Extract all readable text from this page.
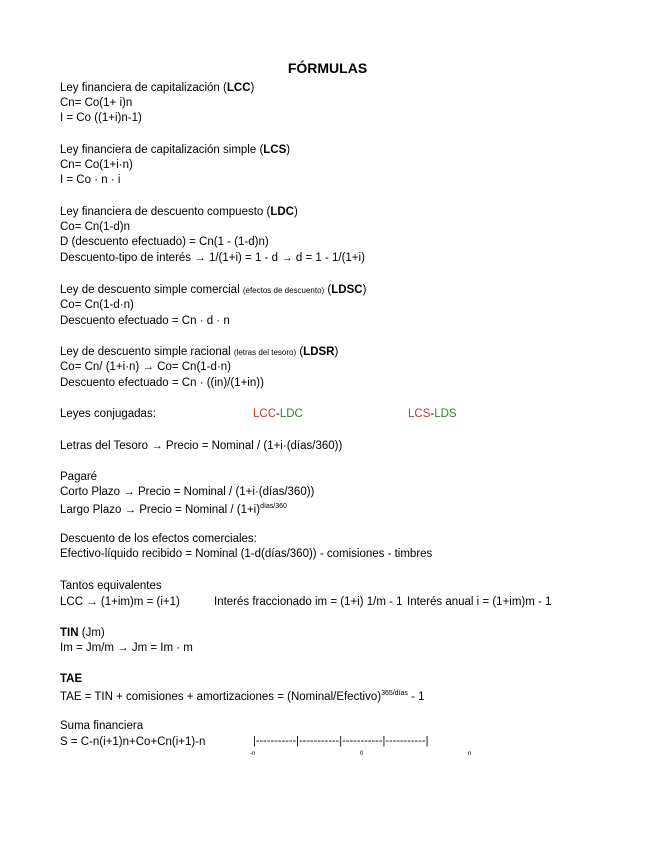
FÓRMULAS
Ley financiera de capitalización (LCC)
Cn= Co(1+ i)n
I = Co ((1+i)n-1)
Ley financiera de capitalización simple (LCS)
Cn= Co(1+i·n)
I = Co · n · i
Ley financiera de descuento compuesto (LDC)
Co= Cn(1-d)n
D (descuento efectuado) = Cn(1 - (1-d)n)
Descuento-tipo de interés → 1/(1+i) = 1 - d → d = 1 - 1/(1+i)
Ley de descuento simple comercial (efectos de descuento) (LDSC)
Co= Cn(1-d·n)
Descuento efectuado = Cn · d · n
Ley de descuento simple racional (letras del tesoro) (LDSR)
Co= Cn/ (1+i·n) → Co= Cn(1-d·n)
Descuento efectuado = Cn · ((in)/(1+in))
Leyes conjugadas:	LCC-LDC	LCS-LDS
Letras del Tesoro → Precio = Nominal / (1+i·(días/360))
Pagaré
Corto Plazo → Precio = Nominal / (1+i·(días/360))
Largo Plazo → Precio = Nominal / $(1+i)^{días/360}$
Descuento de los efectos comerciales:
Efectivo-líquido recibido = Nominal (1-d(días/360)) - comisiones - timbres
Tantos equivalentes
LCC → (1+im)m = (i+1)	Interés fraccionado im = (1+i) 1/m - 1 Interés anual i = (1+im)m - 1
TIN (Jm)
Im = Jm/m → Jm = Im · m
TAE
TAE = TIN + comisiones + amortizaciones = (Nominal/Efectivo)$^{365/días}$ - 1
Suma financiera
S = C-n(i+1)n+Co+Cn(i+1)-n	|-----------|-----------|-----------|-----------|
-n	0	n
